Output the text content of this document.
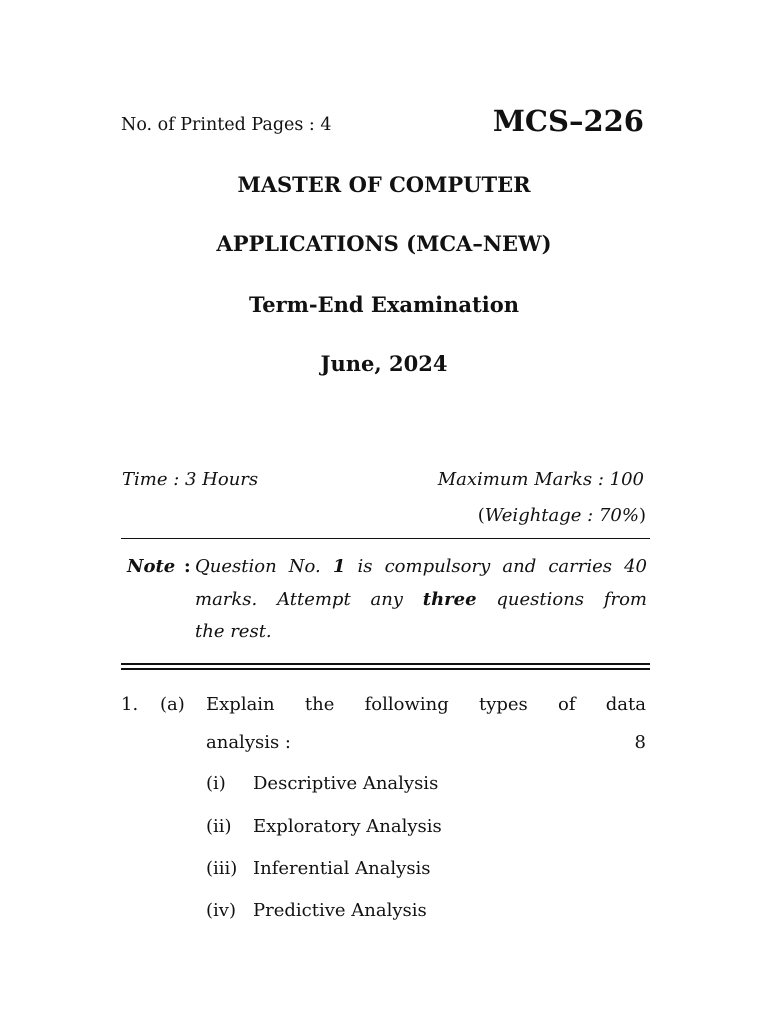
No. of Printed Pages : 4	MCS–226
MASTER OF COMPUTER
APPLICATIONS (MCA–NEW)
Term-End Examination
June, 2024
Time : 3 Hours	Maximum Marks : 100
(Weightage : 70%)
Note : Question No. 1 is compulsory and carries 40
marks. Attempt any three questions from
the rest.
1. (a) Explain the following types of data
analysis :	8
(i) Descriptive Analysis
(ii) Exploratory Analysis
(iii) Inferential Analysis
(iv) Predictive Analysis
